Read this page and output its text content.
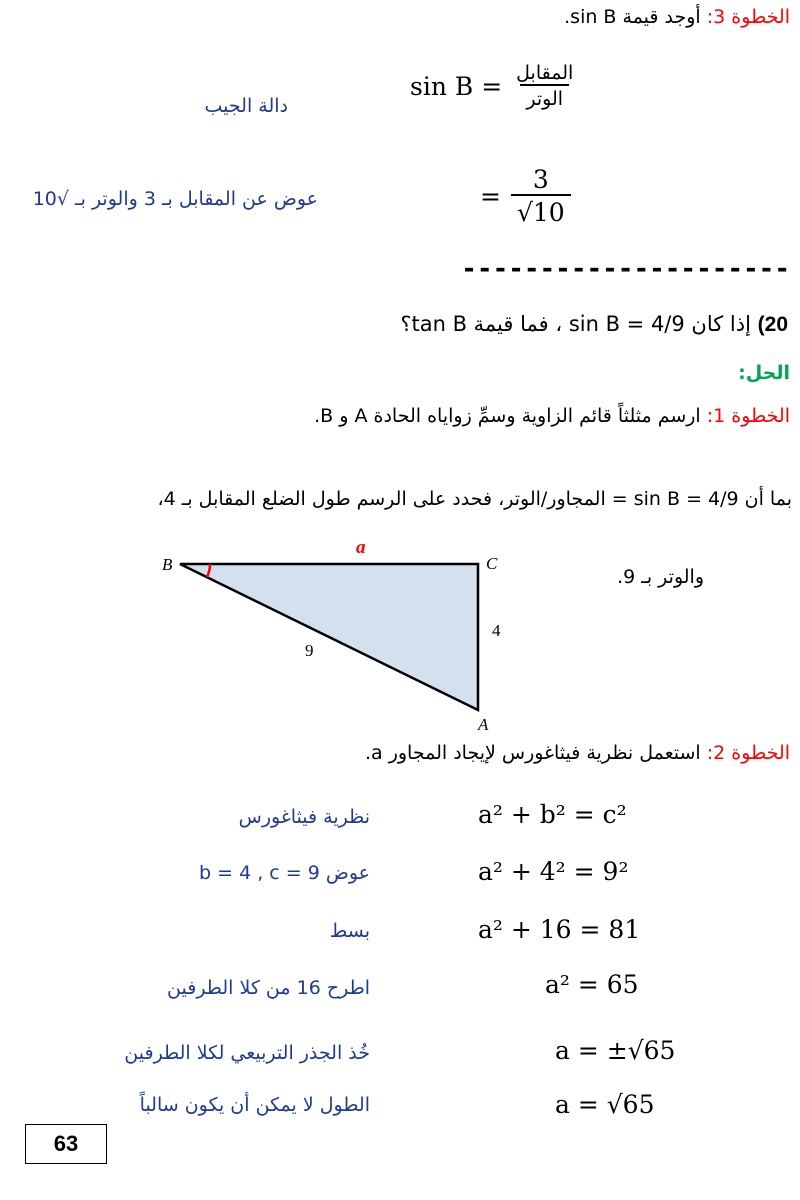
الخطوة 3: أوجد قيمة sin B.
$\sin B = \frac{\text{المقابل}}{\text{الوتر}}$
دالة الجيب
= $\frac{3}{√10}$
عوض عن المقابل بـ 3 والوتر بـ √10
---------------------
20) إذا كان sin B = 4/9 ، فما قيمة tan B؟
الحل:
الخطوة 1: ارسم مثلثاً قائم الزاوية وسمِّ زواياه الحادة A و B.
بما أن sin B = 4/9 = المجاور/الوتر، فحدد على الرسم طول الضلع المقابل بـ 4،
والوتر بـ 9.
B	C
A
a
4
9
الخطوة 2: استعمل نظرية فيثاغورس لإيجاد المجاور a.
a² + b² = c²
نظرية فيثاغورس
a² + 4² = 9²
عوض b = 4 , c = 9
a² + 16 = 81
بسط
a² = 65
اطرح 16 من كلا الطرفين
a = ±√65
خُذ الجذر التربيعي لكلا الطرفين
a = √65
الطول لا يمكن أن يكون سالباً
63
